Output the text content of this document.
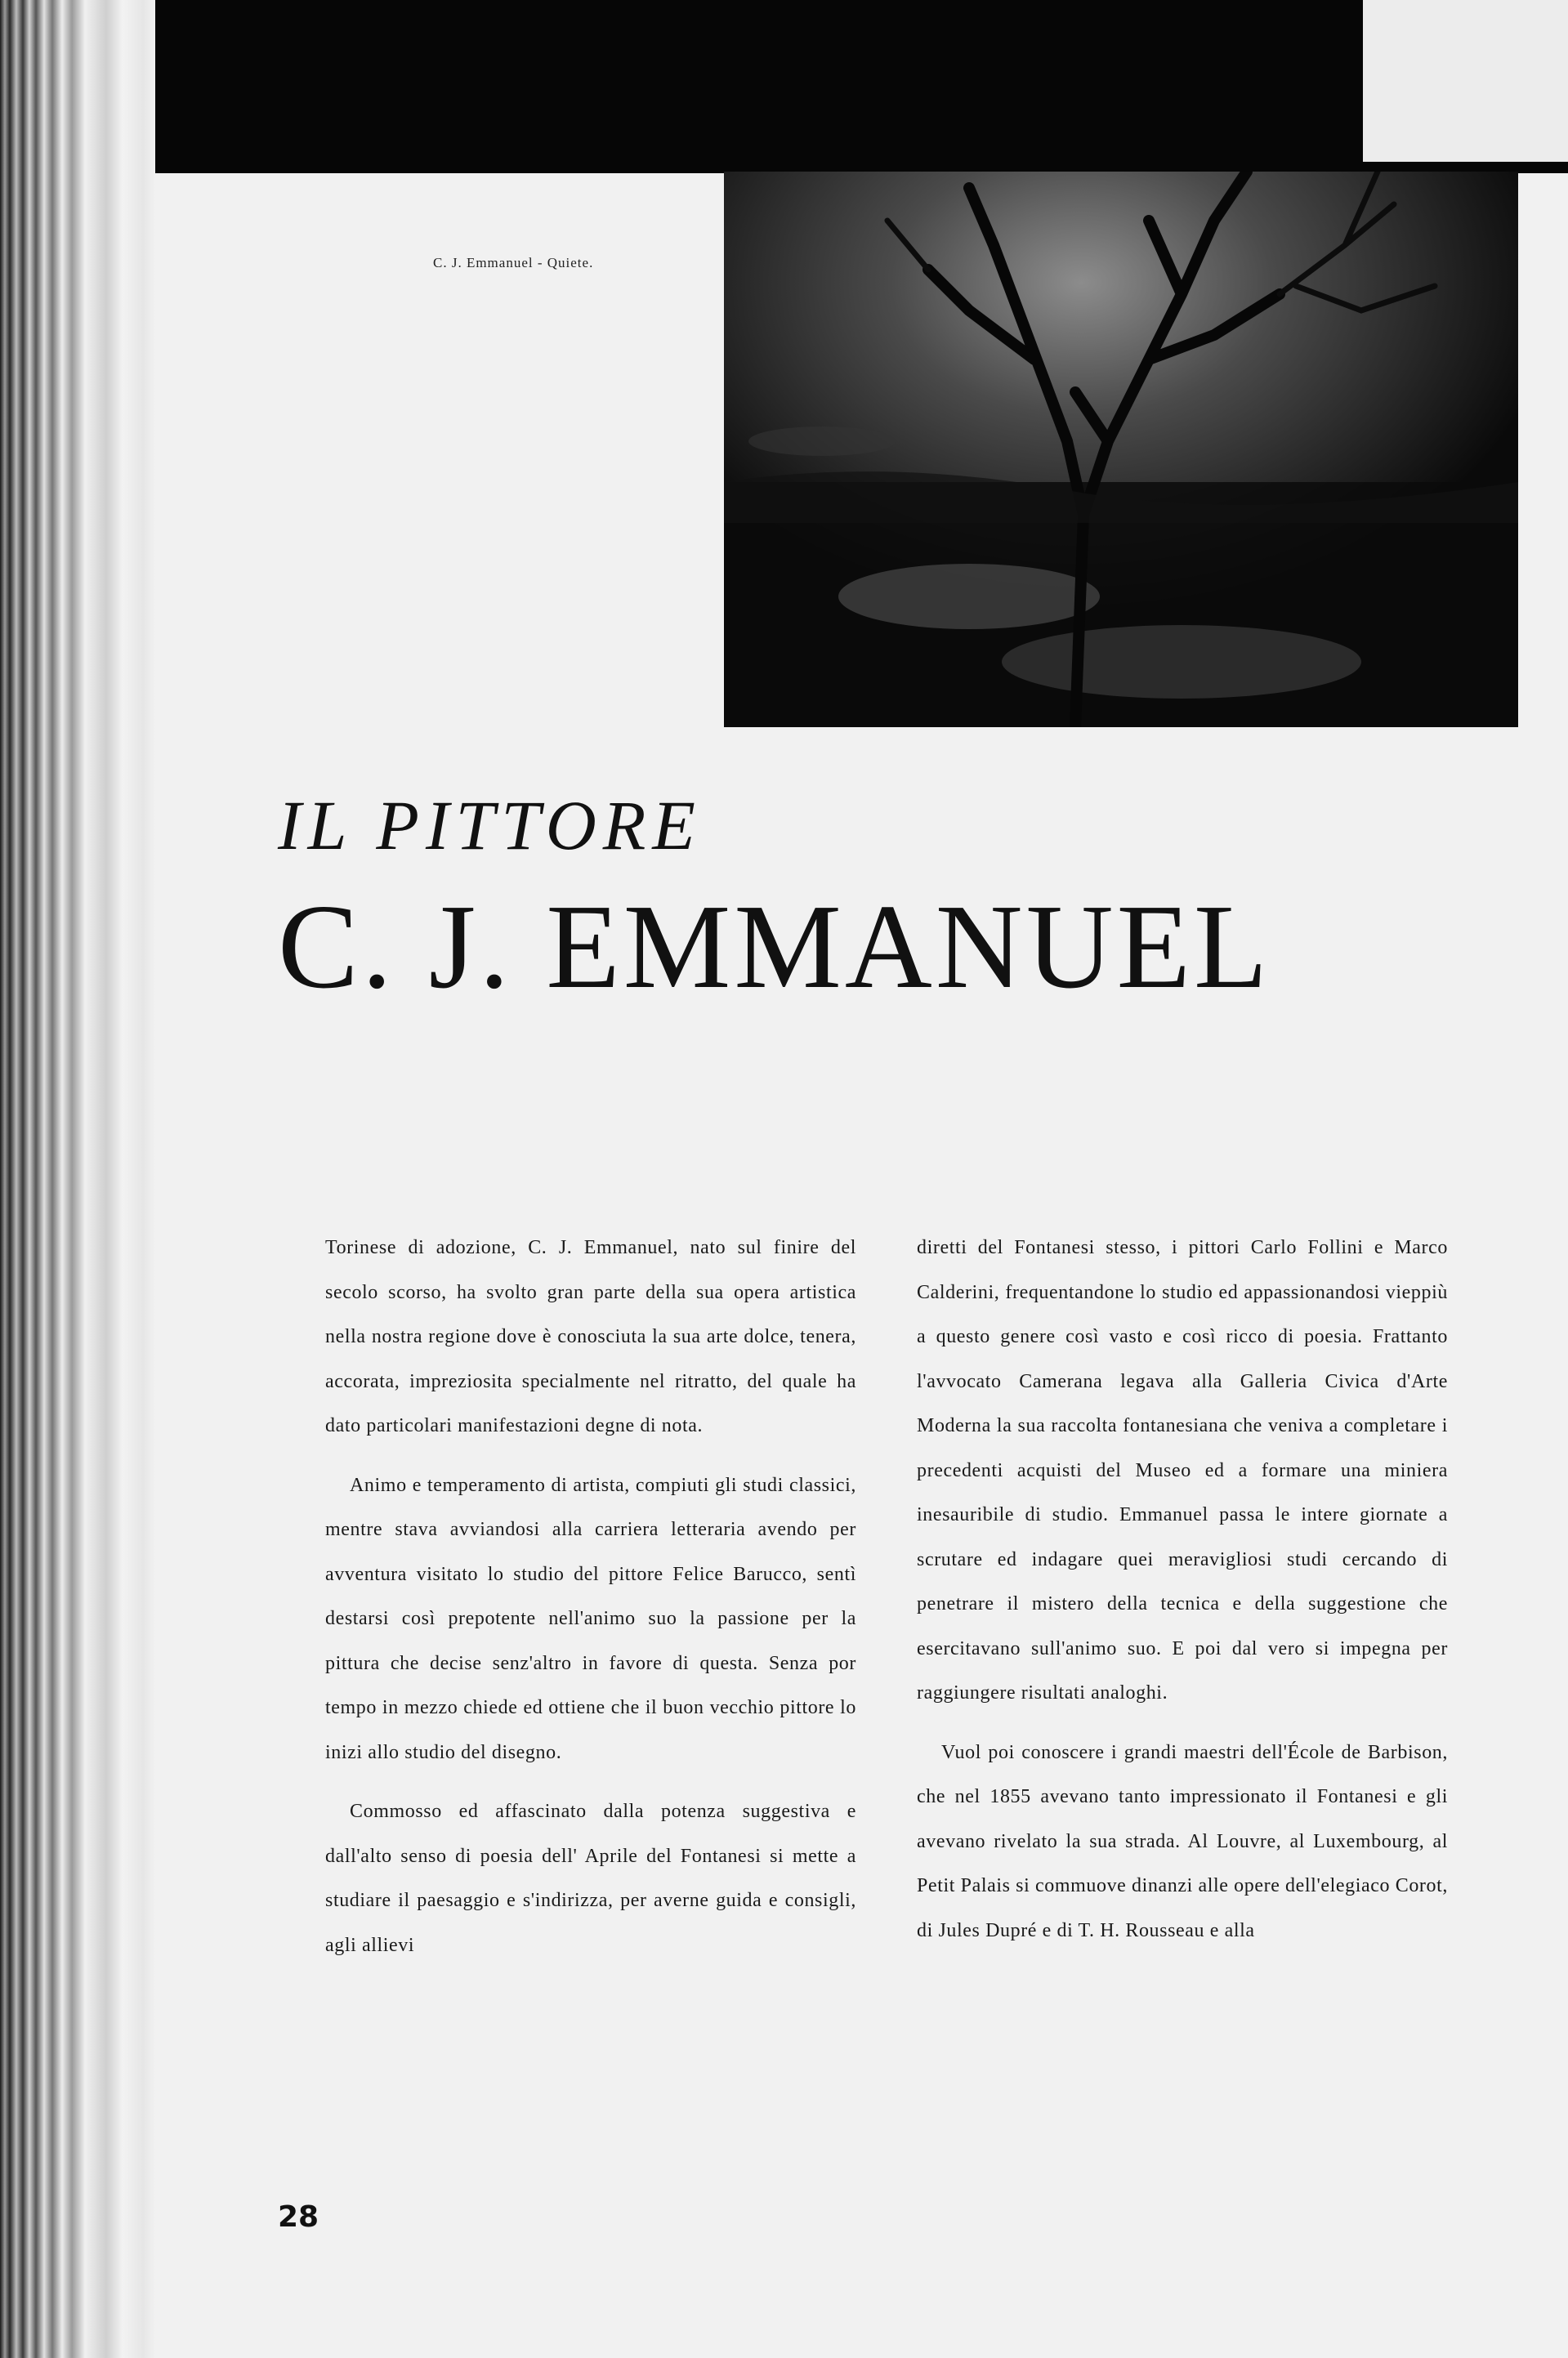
C. J. Emmanuel - Quiete.
IL PITTORE
C. J. EMMANUEL

Torinese di adozione, C. J. Emmanuel, nato sul finire del secolo scorso, ha svolto gran parte della sua opera artistica nella nostra regione dove è conosciuta la sua arte dolce, tenera, accorata, impreziosita specialmente nel ritratto, del quale ha dato particolari manifestazioni degne di nota.

Animo e temperamento di artista, compiuti gli studi classici, mentre stava avviandosi alla carriera letteraria avendo per avventura visitato lo studio del pittore Felice Barucco, sentì destarsi così prepotente nell'animo suo la passione per la pittura che decise senz'altro in favore di questa. Senza por tempo in mezzo chiede ed ottiene che il buon vecchio pittore lo inizi allo studio del disegno.

Commosso ed affascinato dalla potenza suggestiva e dall'alto senso di poesia dell' Aprile del Fontanesi si mette a studiare il paesaggio e s'indirizza, per averne guida e consigli, agli allievi

diretti del Fontanesi stesso, i pittori Carlo Follini e Marco Calderini, frequentandone lo studio ed appassionandosi vieppiù a questo genere così vasto e così ricco di poesia. Frattanto l'avvocato Camerana legava alla Galleria Civica d'Arte Moderna la sua raccolta fontanesiana che veniva a completare i precedenti acquisti del Museo ed a formare una miniera inesauribile di studio. Emmanuel passa le intere giornate a scrutare ed indagare quei meravigliosi studi cercando di penetrare il mistero della tecnica e della suggestione che esercitavano sull'animo suo. E poi dal vero si impegna per raggiungere risultati analoghi.

Vuol poi conoscere i grandi maestri dell'École de Barbison, che nel 1855 avevano tanto impressionato il Fontanesi e gli avevano rivelato la sua strada. Al Louvre, al Luxembourg, al Petit Palais si commuove dinanzi alle opere dell'elegiaco Corot, di Jules Dupré e di T. H. Rousseau e alla

28
